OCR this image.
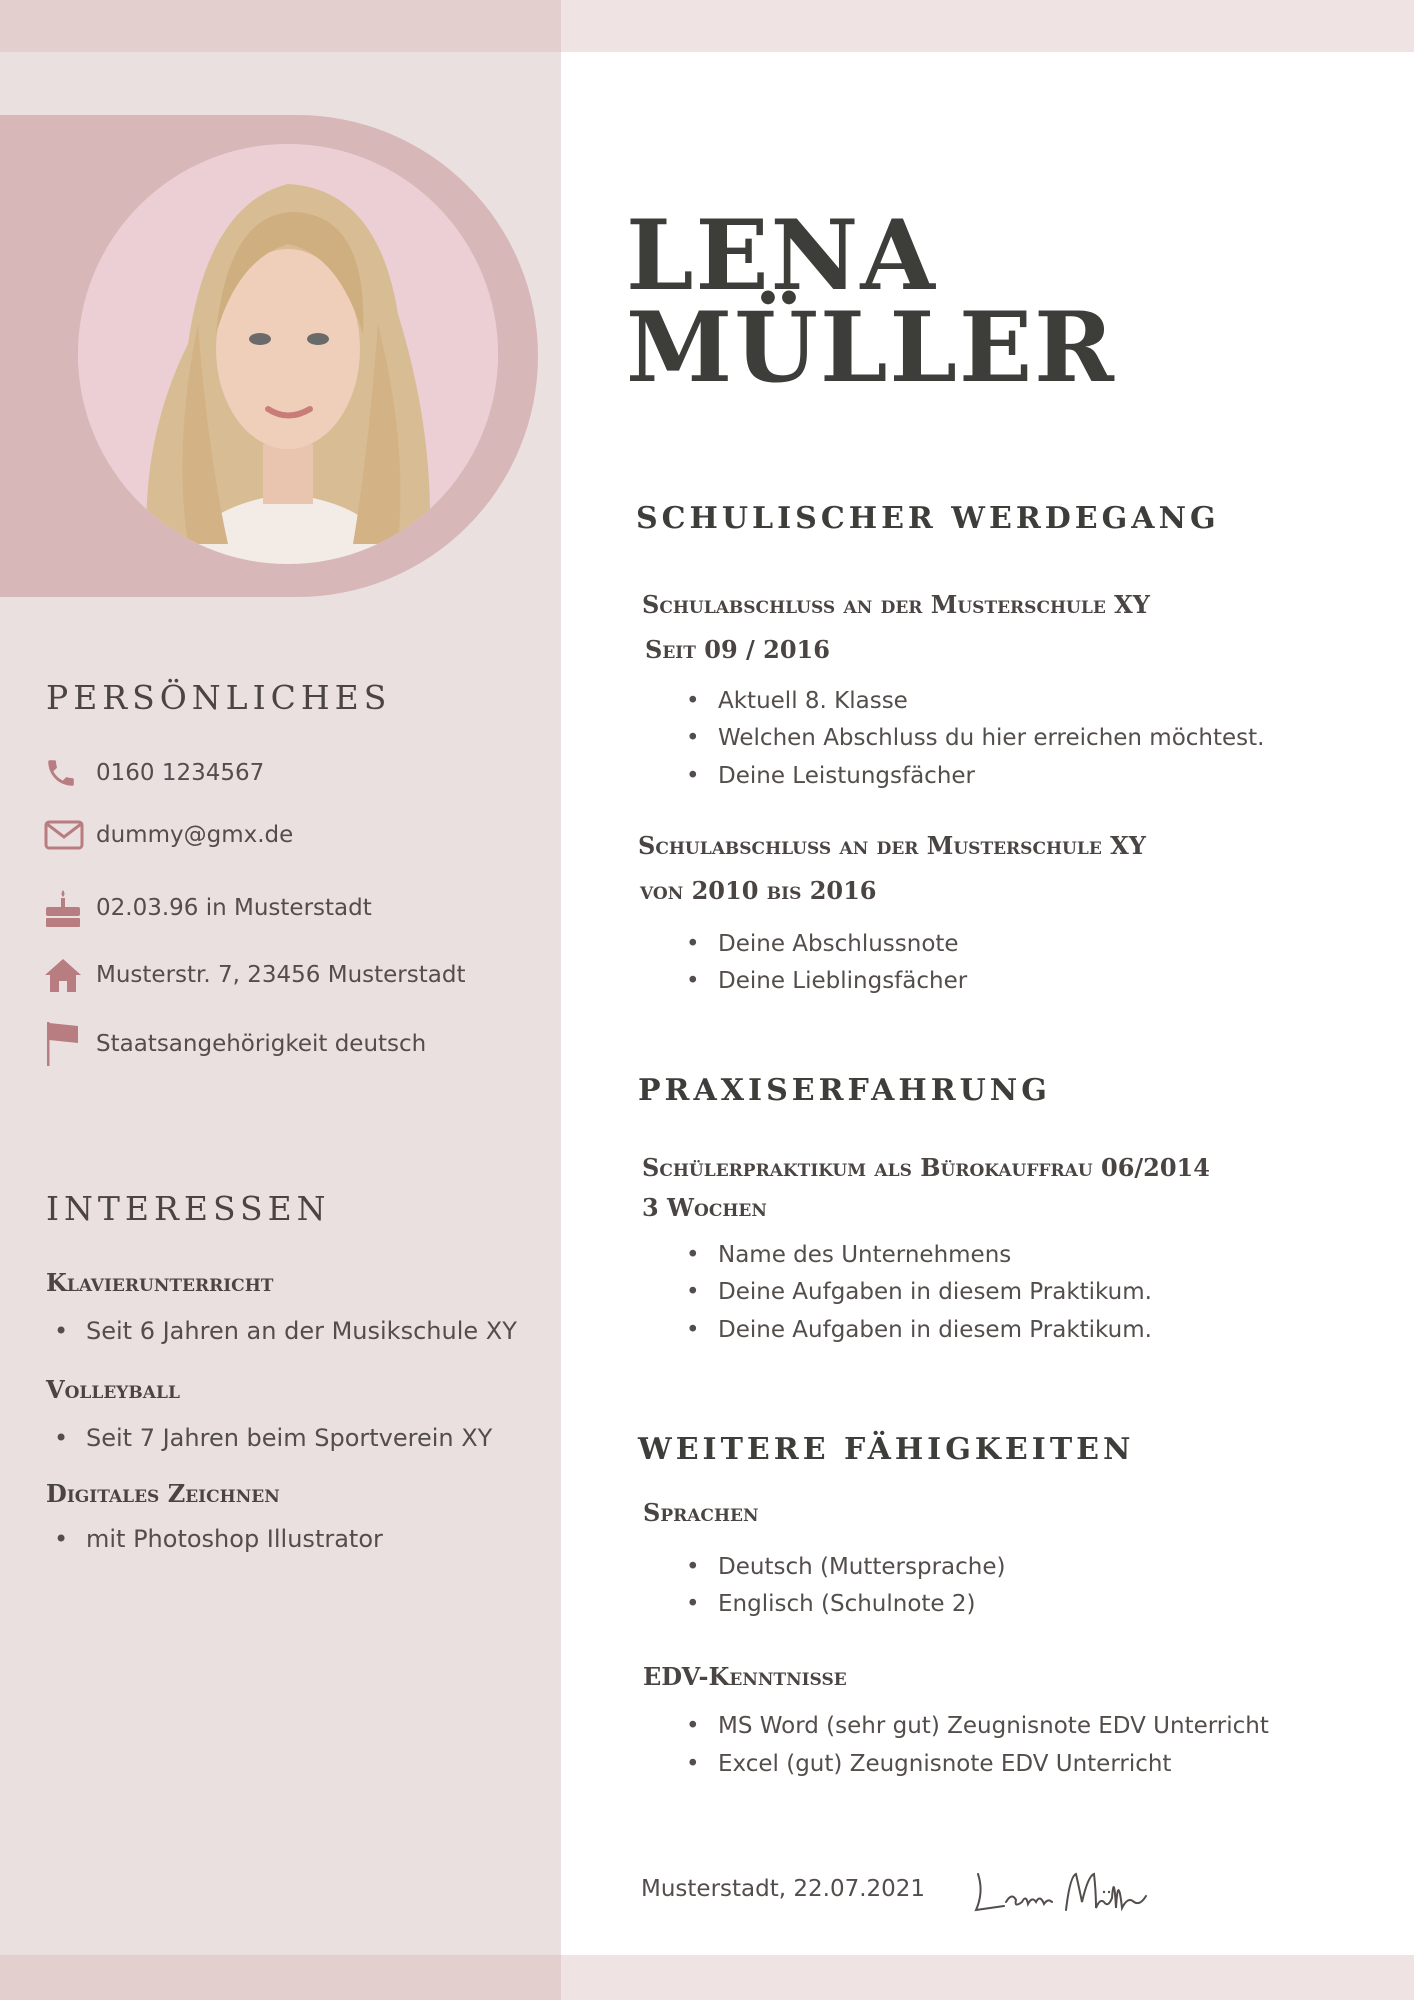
PERSÖNLICHES
0160 1234567
dummy@gmx.de
02.03.96 in Musterstadt
Musterstr. 7, 23456 Musterstadt
Staatsangehörigkeit deutsch
INTERESSEN
Klavierunterricht
• Seit 6 Jahren an der Musikschule XY
Volleyball
• Seit 7 Jahren beim Sportverein XY
Digitales Zeichnen
• mit Photoshop Illustrator
LENA
MÜLLER
SCHULISCHER WERDEGANG
Schulabschluss an der Musterschule XY
Seit 09 / 2016
• Aktuell 8. Klasse
• Welchen Abschluss du hier erreichen möchtest.
• Deine Leistungsfächer
Schulabschluss an der Musterschule XY
von 2010 bis 2016
• Deine Abschlussnote
• Deine Lieblingsfächer
PRAXISERFAHRUNG
Schülerpraktikum als Bürokauffrau 06/2014
3 Wochen
• Name des Unternehmens
• Deine Aufgaben in diesem Praktikum.
• Deine Aufgaben in diesem Praktikum.
WEITERE FÄHIGKEITEN
Sprachen
• Deutsch (Muttersprache)
• Englisch (Schulnote 2)
EDV-Kenntnisse
• MS Word (sehr gut) Zeugnisnote EDV Unterricht
• Excel (gut) Zeugnisnote EDV Unterricht
Musterstadt, 22.07.2021
